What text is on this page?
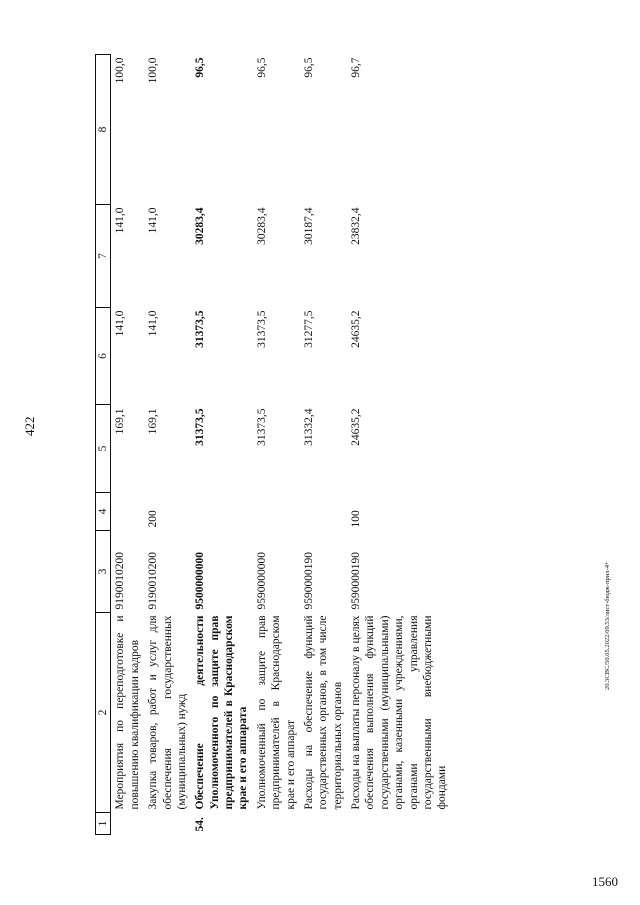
422
20.3СВС/50.05.2022/09.53/лист-бюдж-прил-4+
1560
1	2	3	4	5	6	7	8
	Мероприятия по переподготовке и повышению квалификации кадров	9190010200		169,1	141,0	141,0	100,0
	Закупка товаров, работ и услуг для обеспечения государственных (муниципальных) нужд	9190010200	200	169,1	141,0	141,0	100,0
54.	Обеспечение деятельности Уполномоченного по защите прав предпринимателей в Краснодарском крае и его аппарата	9500000000		31373,5	31373,5	30283,4	96,5
	Уполномоченный по защите прав предпринимателей в Краснодарском крае и его аппарат	9590000000		31373,5	31373,5	30283,4	96,5
	Расходы на обеспечение функций государственных органов, в том числе территориальных органов	9590000190		31332,4	31277,5	30187,4	96,5
	Расходы на выплаты персоналу в целях обеспечения выполнения функций государственными (муниципальными) органами, казенными учреждениями, органами управления государственными внебюджетными фондами	9590000190	100	24635,2	24635,2	23832,4	96,7
